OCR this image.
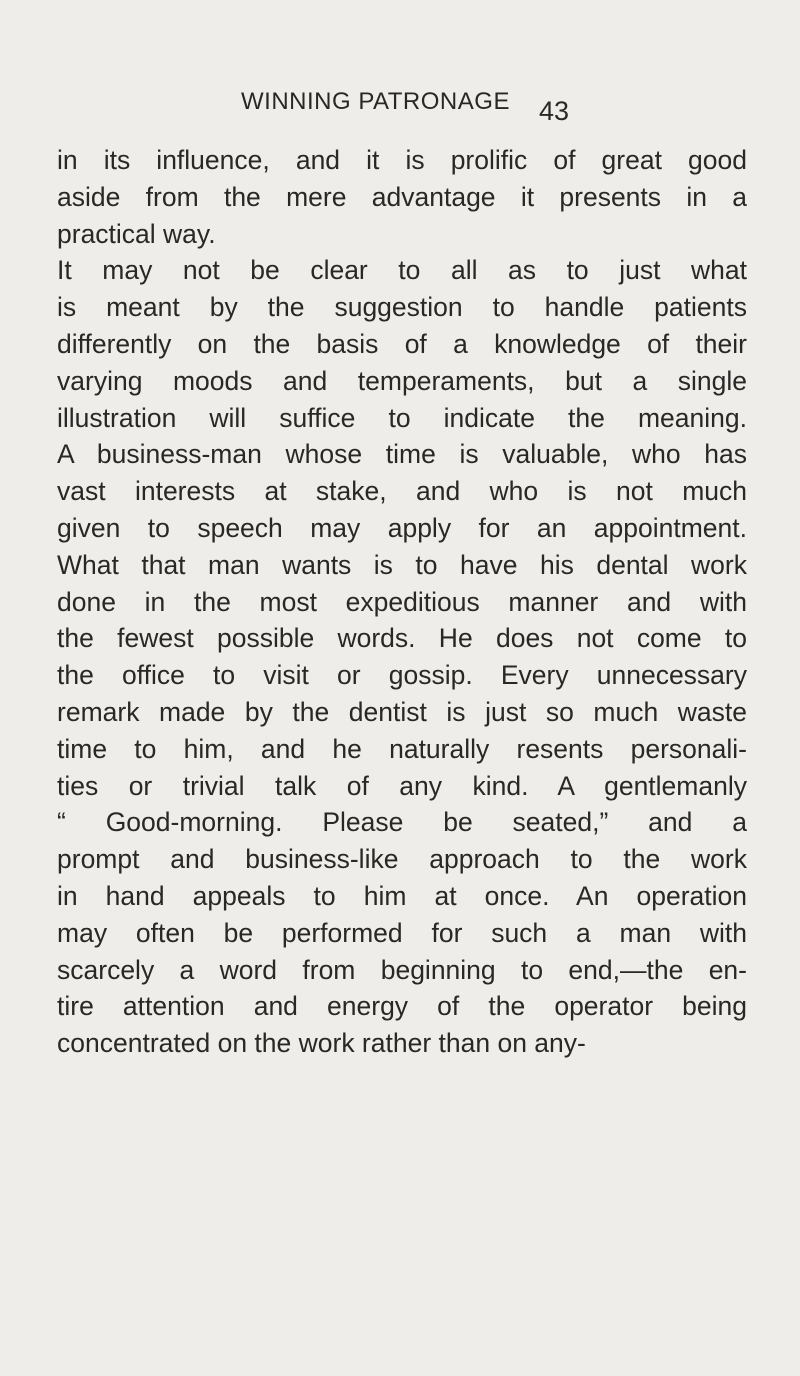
WINNING PATRONAGE 43
in its influence, and it is prolific of great good
aside from the mere advantage it presents in a
practical way.
It may not be clear to all as to just what
is meant by the suggestion to handle patients
differently on the basis of a knowledge of their
varying moods and temperaments, but a single
illustration will suffice to indicate the meaning.
A business-man whose time is valuable, who has
vast interests at stake, and who is not much
given to speech may apply for an appointment.
What that man wants is to have his dental work
done in the most expeditious manner and with
the fewest possible words. He does not come to
the office to visit or gossip. Every unnecessary
remark made by the dentist is just so much waste
time to him, and he naturally resents personali-
ties or trivial talk of any kind. A gentlemanly
“ Good-morning. Please be seated,” and a
prompt and business-like approach to the work
in hand appeals to him at once. An operation
may often be performed for such a man with
scarcely a word from beginning to end,—the en-
tire attention and energy of the operator being
concentrated on the work rather than on any-
